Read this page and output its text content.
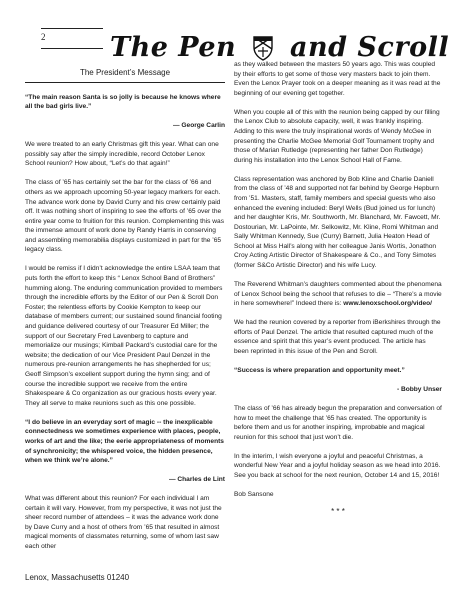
2 The Pen and Scroll
The President’s Message

“The main reason Santa is so jolly is because he knows where all the bad girls live.”

— George Carlin

We were treated to an early Christmas gift this year. What can one possibly say after the simply incredible, record October Lenox School reunion? How about, “Let’s do that again!”

The class of ’65 has certainly set the bar for the class of ’66 and others as we approach upcoming 50-year legacy markers for each. The advance work done by David Curry and his crew certainly paid off. It was nothing short of inspiring to see the efforts of ’65 over the entire year come to fruition for this reunion. Complementing this was the immense amount of work done by Randy Harris in conserving and assembling memorabilia displays customized in part for the ’65 legacy class.

I would be remiss if I didn’t acknowledge the entire LSAA team that puts forth the effort to keep this “ Lenox School Band of Brothers” humming along. The enduring communication provided to members through the incredible efforts by the Editor of our Pen & Scroll Don Foster; the relentless efforts by Cookie Kempton to keep our database of members current; our sustained sound financial footing and guidance delivered courtesy of our Treasurer Ed Miller; the support of our Secretary Fred Lavenberg to capture and memorialize our musings; Kimball Packard’s custodial care for the website; the dedication of our Vice President Paul Denzel in the numerous pre-reunion arrangements he has shepherded for us; Geoff Simpson’s excellent support during the hymn sing; and of course the incredible support we receive from the entire Shakespeare & Co organization as our gracious hosts every year. They all serve to make reunions such as this one possible.

“I do believe in an everyday sort of magic -- the inexplicable connectedness we sometimes experience with places, people, works of art and the like; the eerie appropriateness of moments of synchronicity; the whispered voice, the hidden presence, when we think we’re alone.”

— Charles de Lint

What was different about this reunion? For each individual I am certain it will vary. However, from my perspective, it was not just the sheer record number of attendees – it was the advance work done by Dave Curry and a host of others from ’65 that resulted in almost magical moments of classmates returning, some of whom last saw each other

Lenox, Massachusetts 01240

as they walked between the masters 50 years ago. This was coupled by their efforts to get some of those very masters back to join them. Even the Lenox Prayer took on a deeper meaning as it was read at the beginning of our evening get together.

When you couple all of this with the reunion being capped by our filling the Lenox Club to absolute capacity, well, it was frankly inspiring. Adding to this were the truly inspirational words of Wendy McGee in presenting the Charlie McGee Memorial Golf Tournament trophy and those of Marian Rutledge (representing her father Don Rutledge) during his installation into the Lenox School Hall of Fame.

Class representation was anchored by Bob Kline and Charlie Daniell from the class of ’48 and supported not far behind by George Hepburn from ’51. Masters, staff, family members and special guests who also enhanced the evening included: Beryl Wells (Bud joined us for lunch) and her daughter Kris, Mr. Southworth, Mr. Blanchard, Mr. Fawcett, Mr. Dostourian, Mr. LaPointe, Mr. Selkowitz, Mr. Kline, Romi Whitman and Sally Whitman Kennedy, Sue (Curry) Barnett, Julia Heaton Head of School at Miss Hall’s along with her colleague Janis Wortis, Jonathon Croy Acting Artistic Director of Shakespeare & Co., and Tony Simotes (former S&Co Artistic Director) and his wife Lucy.

The Reverend Whitman’s daughters commented about the phenomena of Lenox School being the school that refuses to die – “There’s a movie in here somewhere!” Indeed there is: www.lenoxschool.org/video/

We had the reunion covered by a reporter from iBerkshires through the efforts of Paul Denzel. The article that resulted captured much of the essence and spirit that this year’s event produced. The article has been reprinted in this issue of the Pen and Scroll.

“Success is where preparation and opportunity meet.”

- Bobby Unser

The class of ’66 has already begun the preparation and conversation of how to meet the challenge that ’65 has created. The opportunity is before them and us for another inspiring, improbable and magical reunion for this school that just won’t die.

In the interim, I wish everyone a joyful and peaceful Christmas, a wonderful New Year and a joyful holiday season as we head into 2016. See you back at school for the next reunion, October 14 and 15, 2016!

Bob Sansone

* * *
